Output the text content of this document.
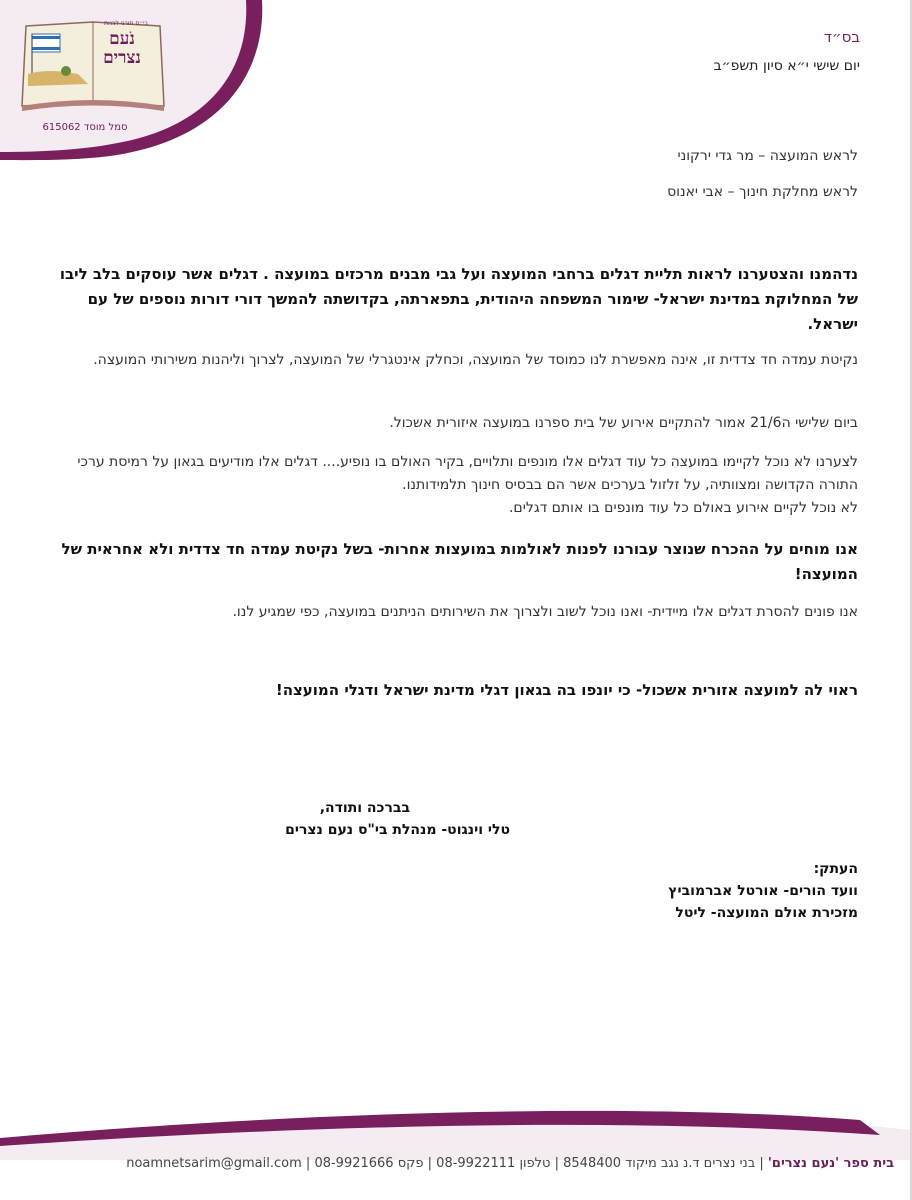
בי״ס תורני לבנות
נֹעם
נצרים
סמל מוסד 615062
בס״ד
יום שישי י״א סיון תשפ״ב
לראש המועצה – מר גדי ירקוני
לראש מחלקת חינוך – אבי יאנוס
נדהמנו והצטערנו לראות תליית דגלים ברחבי המועצה ועל גבי מבנים מרכזים במועצה . דגלים אשר עוסקים בלב ליבו של המחלוקת במדינת ישראל- שימור המשפחה היהודית, בתפארתה, בקדושתה להמשך דורי דורות נוספים של עם ישראל.
נקיטת עמדה חד צדדית זו, אינה מאפשרת לנו כמוסד של המועצה, וכחלק אינטגרלי של המועצה, לצרוך וליהנות משירותי המועצה.
ביום שלישי ה21/6 אמור להתקיים אירוע של בית ספרנו במועצה איזורית אשכול.
לצערנו לא נוכל לקיימו במועצה כל עוד דגלים אלו מונפים ותלויים, בקיר האולם בו נופיע.... דגלים אלו מודיעים בגאון על רמיסת ערכי התורה הקדושה ומצוותיה, על זלזול בערכים אשר הם בבסיס חינוך תלמידותנו.
לא נוכל לקיים אירוע באולם כל עוד מונפים בו אותם דגלים.
אנו מוחים על ההכרח שנוצר עבורנו לפנות לאולמות במועצות אחרות- בשל נקיטת עמדה חד צדדית ולא אחראית של המועצה!
אנו פונים להסרת דגלים אלו מיידית- ואנו נוכל לשוב ולצרוך את השירותים הניתנים במועצה, כפי שמגיע לנו.
ראוי לה למועצה אזורית אשכול- כי יונפו בה בגאון דגלי מדינת ישראל ודגלי המועצה!
בברכה ותודה,
טלי וינגוט- מנהלת בי"ס נעם נצרים
העתק:
וועד הורים- אורטל אברמוביץ
מזכירת אולם המועצה- ליטל
בית ספר 'נעם נצרים' | בני נצרים ד.נ נגב מיקוד 8548400 | טלפון 08-9922111 | פקס 08-9921666 | noamnetsarim@gmail.com
